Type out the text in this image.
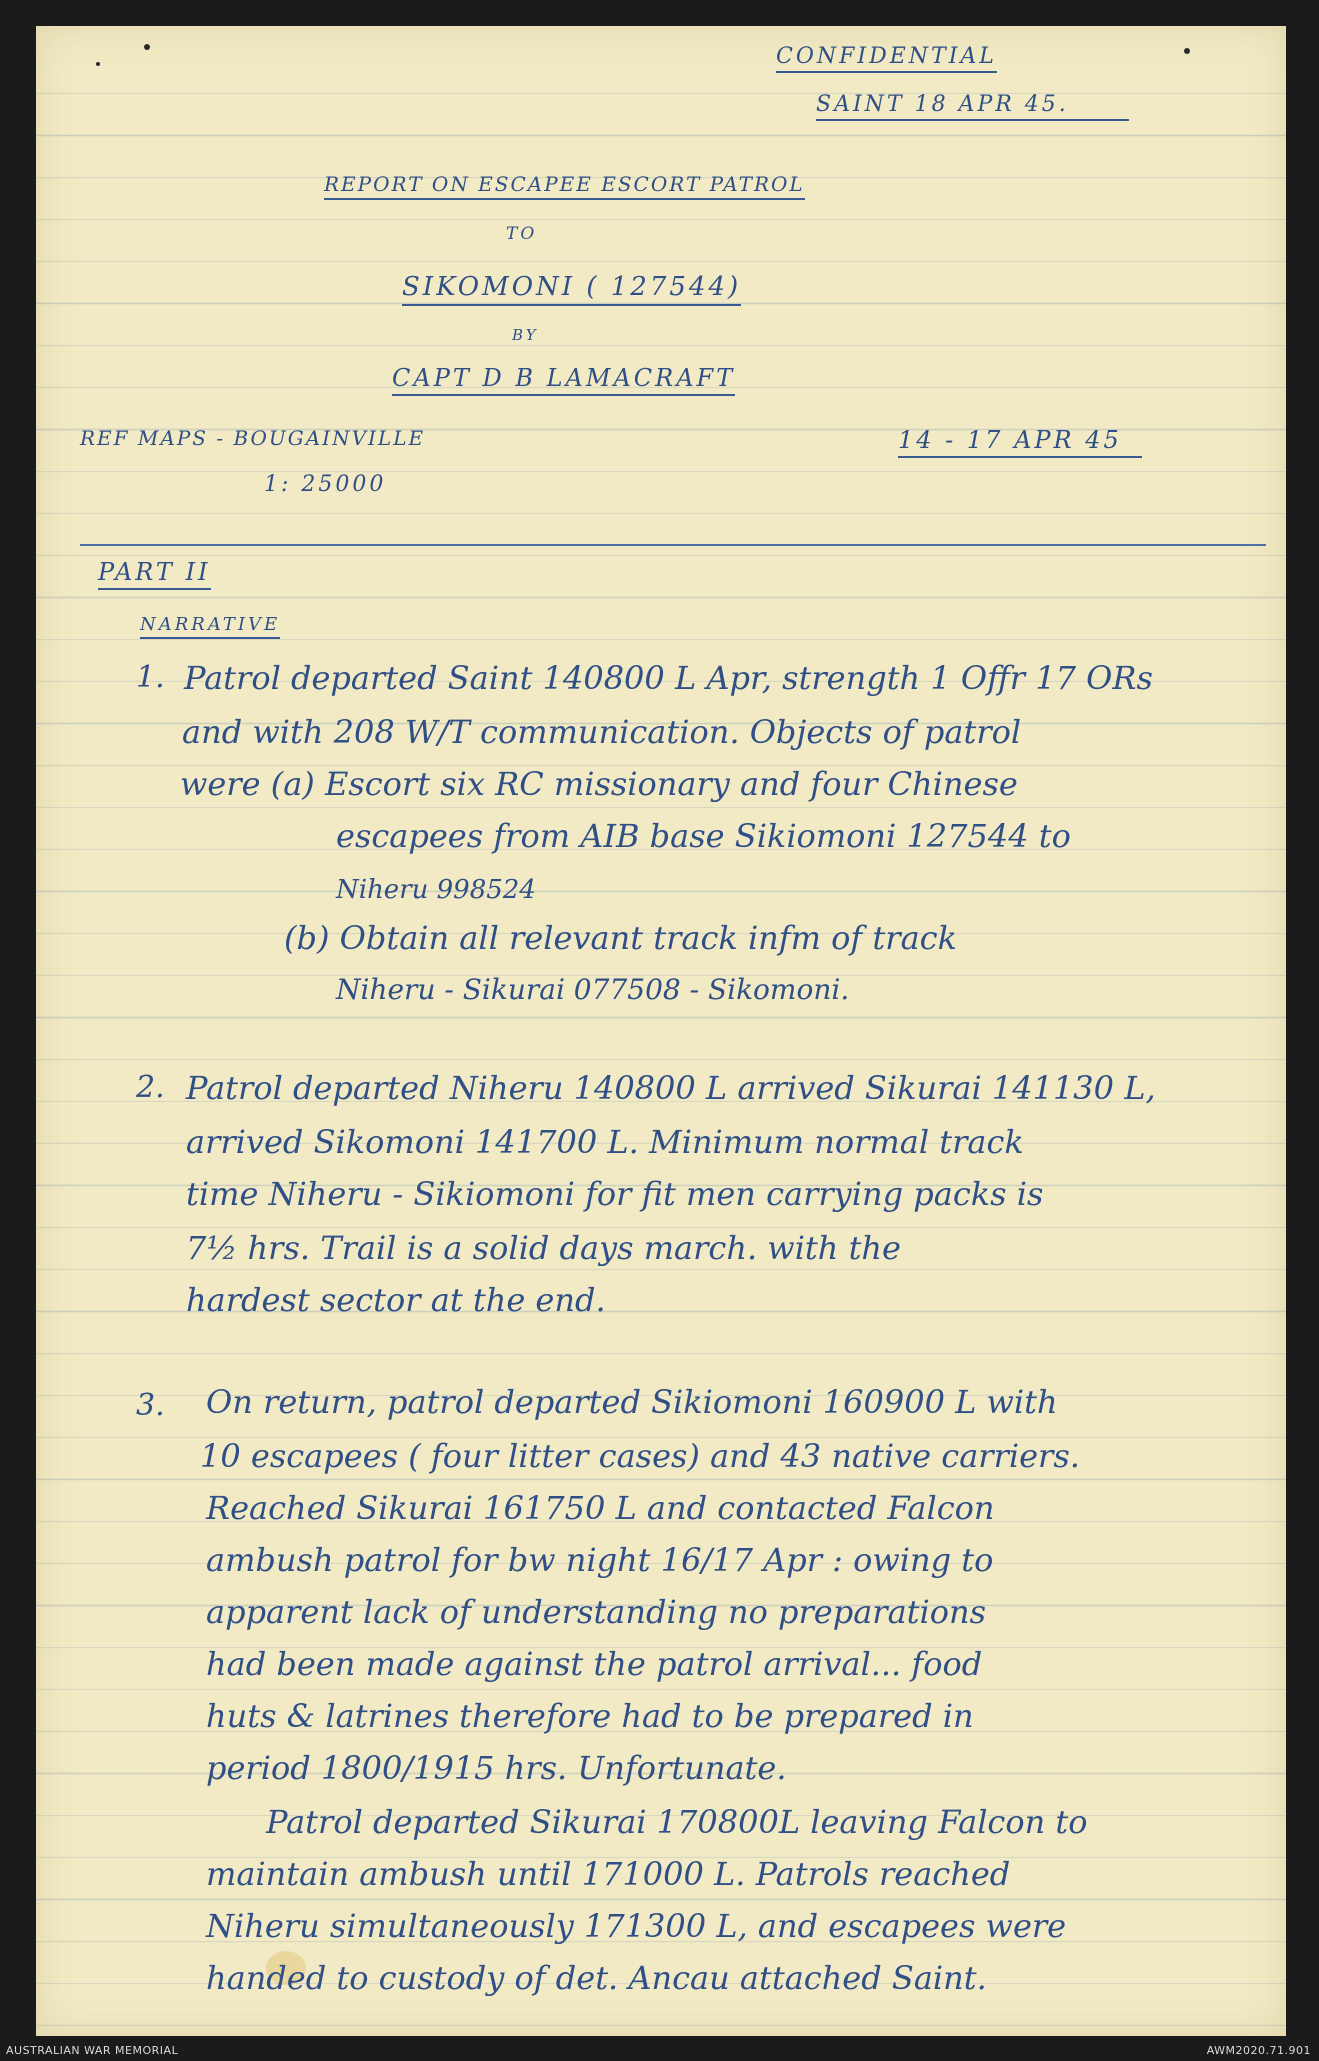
CONFIDENTIAL
SAINT 18 APR 45.
REPORT ON ESCAPEE ESCORT PATROL
TO
SIKOMONI ( 127544)
BY
CAPT D B LAMACRAFT
REF MAPS - BOUGAINVILLE
1: 25000
14 - 17 APR 45
PART II
NARRATIVE
1. Patrol departed Saint 140800 L Apr, strength 1 Offr 17 ORs
and with 208 W/T communication. Objects of patrol
were (a) Escort six RC missionary and four Chinese
escapees from AIB base Sikiomoni 127544 to
Niheru 998524
(b) Obtain all relevant track infm of track
Niheru - Sikurai 077508 - Sikomoni.
2. Patrol departed Niheru 140800 L arrived Sikurai 141130 L,
arrived Sikomoni 141700 L. Minimum normal track
time Niheru - Sikiomoni for fit men carrying packs is
7½ hrs. Trail is a solid days march. with the
hardest sector at the end.
3. On return, patrol departed Sikiomoni 160900 L with
10 escapees ( four litter cases) and 43 native carriers.
Reached Sikurai 161750 L and contacted Falcon
ambush patrol for bw night 16/17 Apr : owing to
apparent lack of understanding no preparations
had been made against the patrol arrival... food
huts & latrines therefore had to be prepared in
period 1800/1915 hrs. Unfortunate.
Patrol departed Sikurai 170800L leaving Falcon to
maintain ambush until 171000 L. Patrols reached
Niheru simultaneously 171300 L, and escapees were
handed to custody of det. Ancau attached Saint.
AUSTRALIAN WAR MEMORIAL	AWM2020.71.901
